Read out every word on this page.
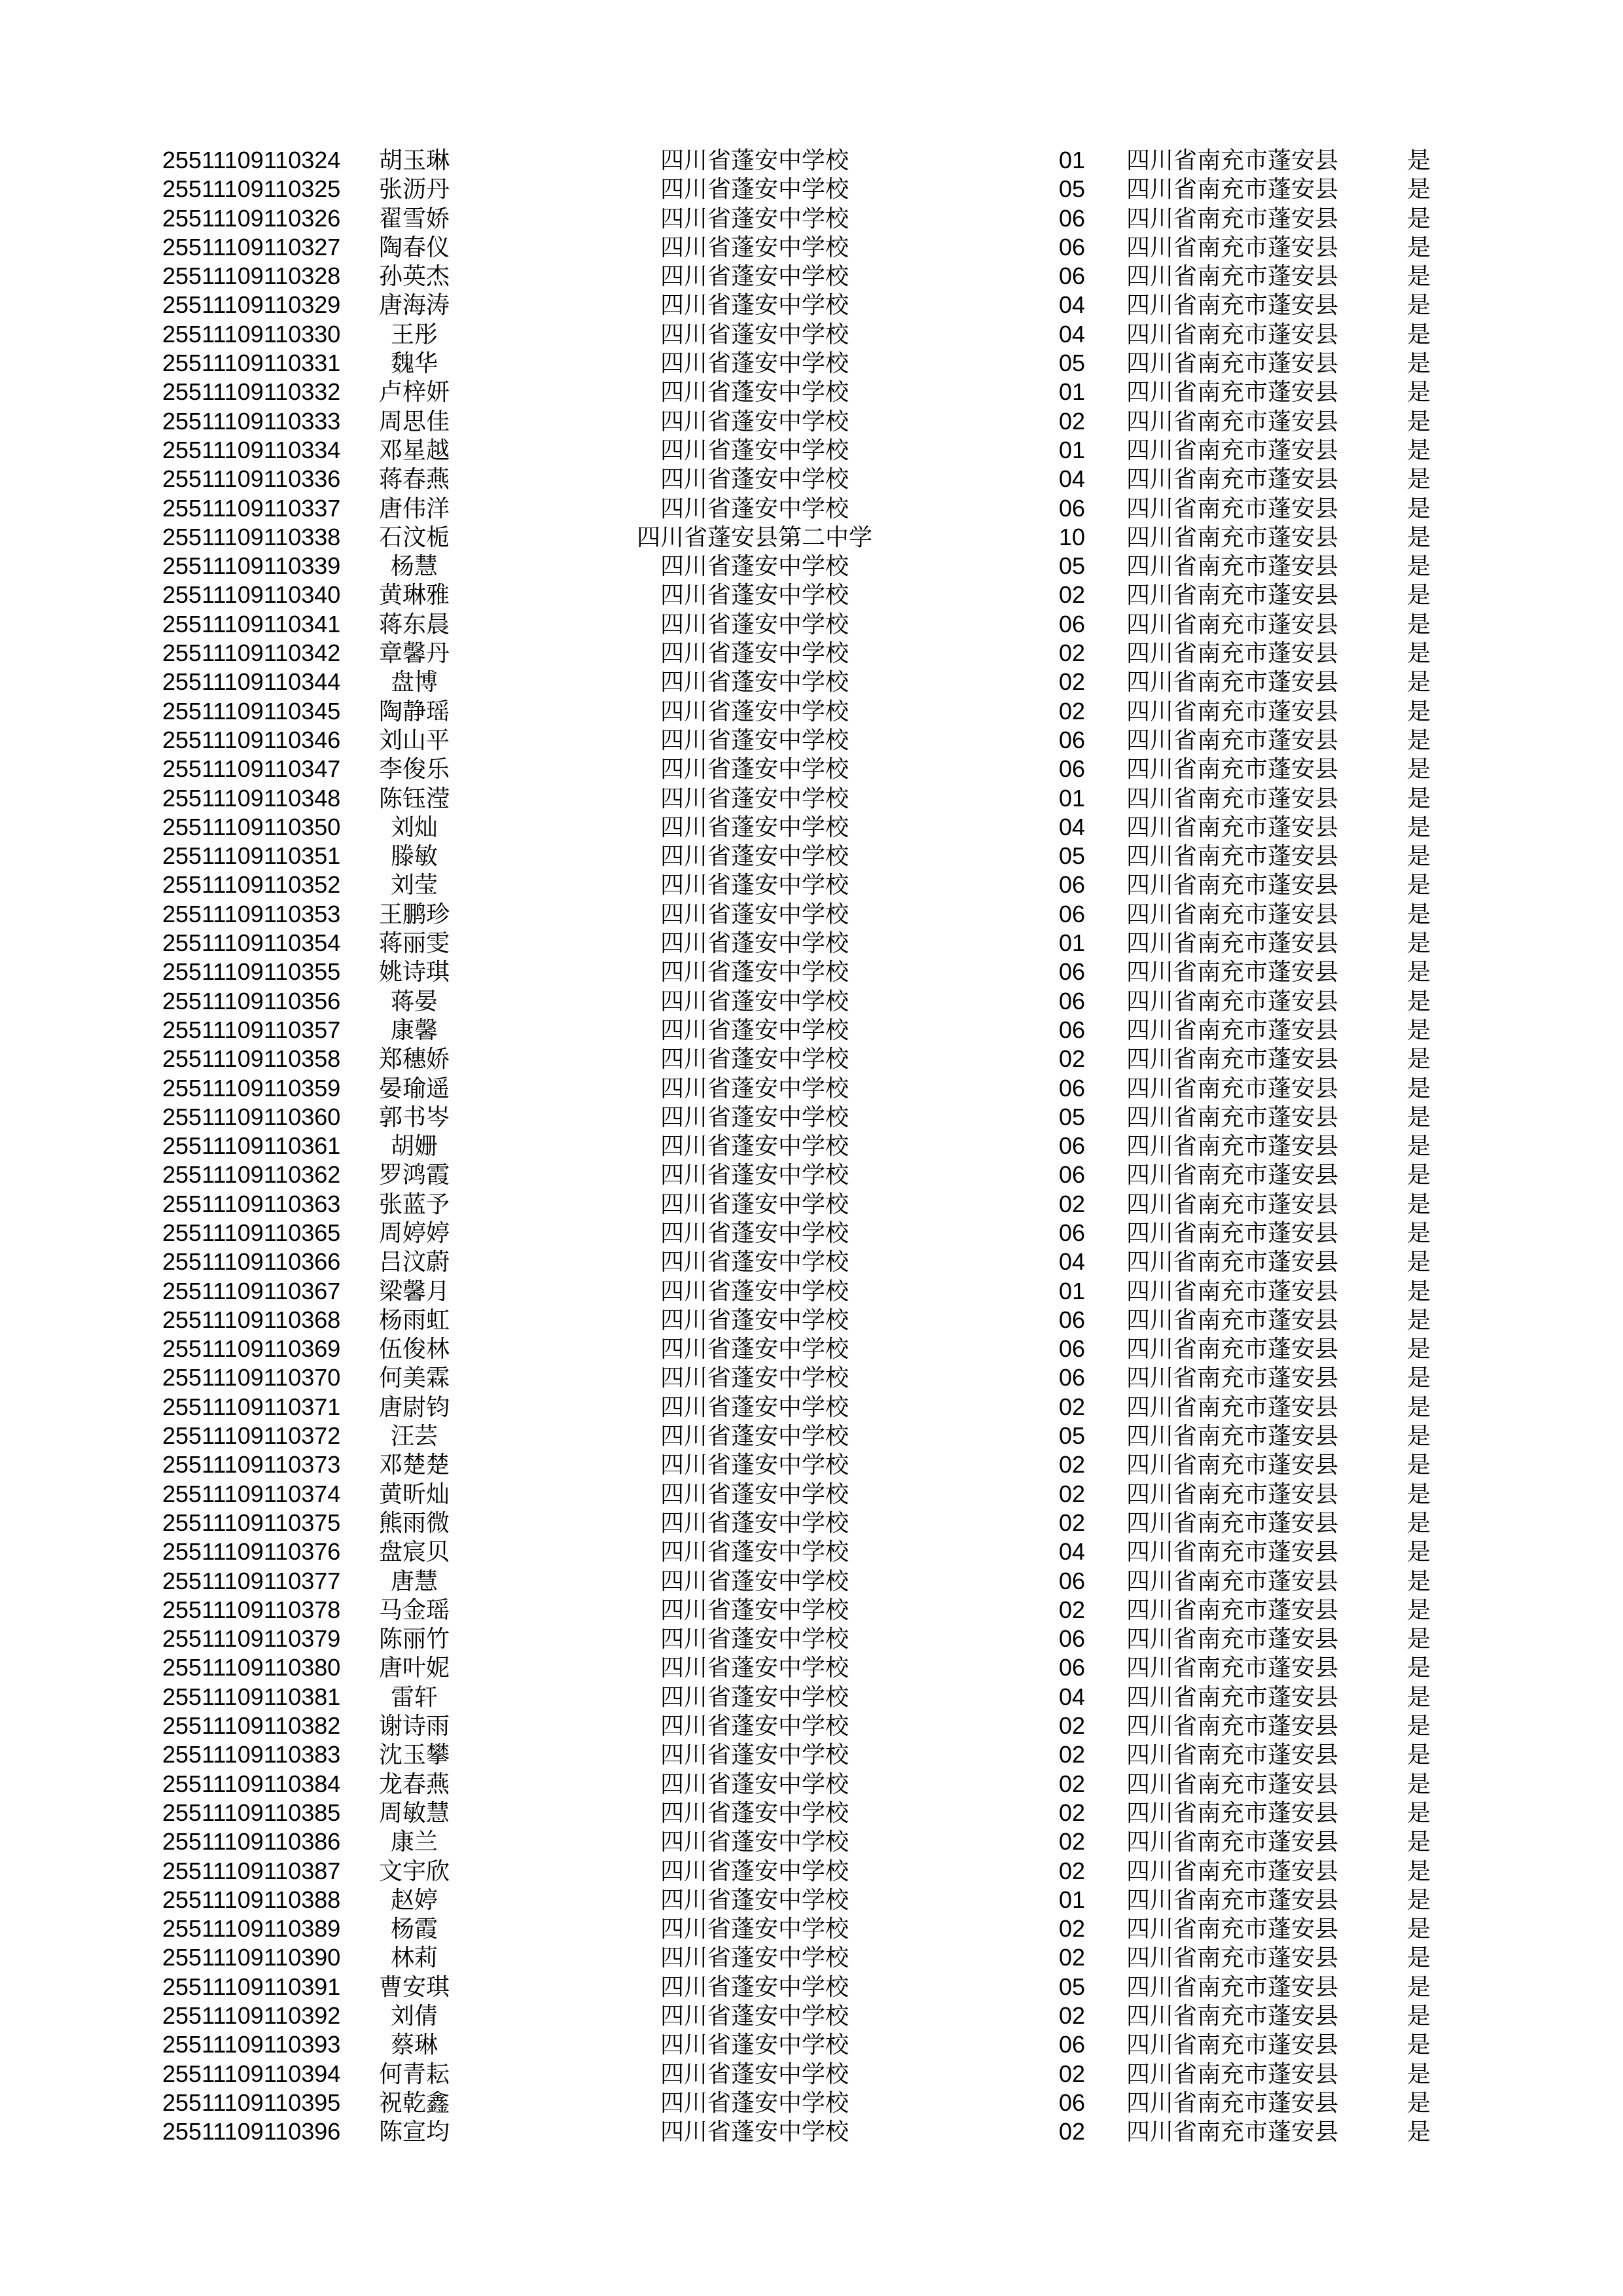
25511109110324	胡玉琳	四川省蓬安中学校	01	四川省南充市蓬安县	是
25511109110325	张沥丹	四川省蓬安中学校	05	四川省南充市蓬安县	是
25511109110326	翟雪娇	四川省蓬安中学校	06	四川省南充市蓬安县	是
25511109110327	陶春仪	四川省蓬安中学校	06	四川省南充市蓬安县	是
25511109110328	孙英杰	四川省蓬安中学校	06	四川省南充市蓬安县	是
25511109110329	唐海涛	四川省蓬安中学校	04	四川省南充市蓬安县	是
25511109110330	王彤	四川省蓬安中学校	04	四川省南充市蓬安县	是
25511109110331	魏华	四川省蓬安中学校	05	四川省南充市蓬安县	是
25511109110332	卢梓妍	四川省蓬安中学校	01	四川省南充市蓬安县	是
25511109110333	周思佳	四川省蓬安中学校	02	四川省南充市蓬安县	是
25511109110334	邓星越	四川省蓬安中学校	01	四川省南充市蓬安县	是
25511109110336	蒋春燕	四川省蓬安中学校	04	四川省南充市蓬安县	是
25511109110337	唐伟洋	四川省蓬安中学校	06	四川省南充市蓬安县	是
25511109110338	石汶栀	四川省蓬安县第二中学	10	四川省南充市蓬安县	是
25511109110339	杨慧	四川省蓬安中学校	05	四川省南充市蓬安县	是
25511109110340	黄琳雅	四川省蓬安中学校	02	四川省南充市蓬安县	是
25511109110341	蒋东晨	四川省蓬安中学校	06	四川省南充市蓬安县	是
25511109110342	章馨丹	四川省蓬安中学校	02	四川省南充市蓬安县	是
25511109110344	盘博	四川省蓬安中学校	02	四川省南充市蓬安县	是
25511109110345	陶静瑶	四川省蓬安中学校	02	四川省南充市蓬安县	是
25511109110346	刘山平	四川省蓬安中学校	06	四川省南充市蓬安县	是
25511109110347	李俊乐	四川省蓬安中学校	06	四川省南充市蓬安县	是
25511109110348	陈钰滢	四川省蓬安中学校	01	四川省南充市蓬安县	是
25511109110350	刘灿	四川省蓬安中学校	04	四川省南充市蓬安县	是
25511109110351	滕敏	四川省蓬安中学校	05	四川省南充市蓬安县	是
25511109110352	刘莹	四川省蓬安中学校	06	四川省南充市蓬安县	是
25511109110353	王鹏珍	四川省蓬安中学校	06	四川省南充市蓬安县	是
25511109110354	蒋丽雯	四川省蓬安中学校	01	四川省南充市蓬安县	是
25511109110355	姚诗琪	四川省蓬安中学校	06	四川省南充市蓬安县	是
25511109110356	蒋晏	四川省蓬安中学校	06	四川省南充市蓬安县	是
25511109110357	康馨	四川省蓬安中学校	06	四川省南充市蓬安县	是
25511109110358	郑穗娇	四川省蓬安中学校	02	四川省南充市蓬安县	是
25511109110359	晏瑜遥	四川省蓬安中学校	06	四川省南充市蓬安县	是
25511109110360	郭书岑	四川省蓬安中学校	05	四川省南充市蓬安县	是
25511109110361	胡姗	四川省蓬安中学校	06	四川省南充市蓬安县	是
25511109110362	罗鸿霞	四川省蓬安中学校	06	四川省南充市蓬安县	是
25511109110363	张蓝予	四川省蓬安中学校	02	四川省南充市蓬安县	是
25511109110365	周婷婷	四川省蓬安中学校	06	四川省南充市蓬安县	是
25511109110366	吕汶蔚	四川省蓬安中学校	04	四川省南充市蓬安县	是
25511109110367	梁馨月	四川省蓬安中学校	01	四川省南充市蓬安县	是
25511109110368	杨雨虹	四川省蓬安中学校	06	四川省南充市蓬安县	是
25511109110369	伍俊林	四川省蓬安中学校	06	四川省南充市蓬安县	是
25511109110370	何美霖	四川省蓬安中学校	06	四川省南充市蓬安县	是
25511109110371	唐尉钧	四川省蓬安中学校	02	四川省南充市蓬安县	是
25511109110372	汪芸	四川省蓬安中学校	05	四川省南充市蓬安县	是
25511109110373	邓楚楚	四川省蓬安中学校	02	四川省南充市蓬安县	是
25511109110374	黄昕灿	四川省蓬安中学校	02	四川省南充市蓬安县	是
25511109110375	熊雨微	四川省蓬安中学校	02	四川省南充市蓬安县	是
25511109110376	盘宸贝	四川省蓬安中学校	04	四川省南充市蓬安县	是
25511109110377	唐慧	四川省蓬安中学校	06	四川省南充市蓬安县	是
25511109110378	马金瑶	四川省蓬安中学校	02	四川省南充市蓬安县	是
25511109110379	陈丽竹	四川省蓬安中学校	06	四川省南充市蓬安县	是
25511109110380	唐叶妮	四川省蓬安中学校	06	四川省南充市蓬安县	是
25511109110381	雷轩	四川省蓬安中学校	04	四川省南充市蓬安县	是
25511109110382	谢诗雨	四川省蓬安中学校	02	四川省南充市蓬安县	是
25511109110383	沈玉攀	四川省蓬安中学校	02	四川省南充市蓬安县	是
25511109110384	龙春燕	四川省蓬安中学校	02	四川省南充市蓬安县	是
25511109110385	周敏慧	四川省蓬安中学校	02	四川省南充市蓬安县	是
25511109110386	康兰	四川省蓬安中学校	02	四川省南充市蓬安县	是
25511109110387	文宇欣	四川省蓬安中学校	02	四川省南充市蓬安县	是
25511109110388	赵婷	四川省蓬安中学校	01	四川省南充市蓬安县	是
25511109110389	杨霞	四川省蓬安中学校	02	四川省南充市蓬安县	是
25511109110390	林莉	四川省蓬安中学校	02	四川省南充市蓬安县	是
25511109110391	曹安琪	四川省蓬安中学校	05	四川省南充市蓬安县	是
25511109110392	刘倩	四川省蓬安中学校	02	四川省南充市蓬安县	是
25511109110393	蔡琳	四川省蓬安中学校	06	四川省南充市蓬安县	是
25511109110394	何青耘	四川省蓬安中学校	02	四川省南充市蓬安县	是
25511109110395	祝乾鑫	四川省蓬安中学校	06	四川省南充市蓬安县	是
25511109110396	陈宣均	四川省蓬安中学校	02	四川省南充市蓬安县	是
